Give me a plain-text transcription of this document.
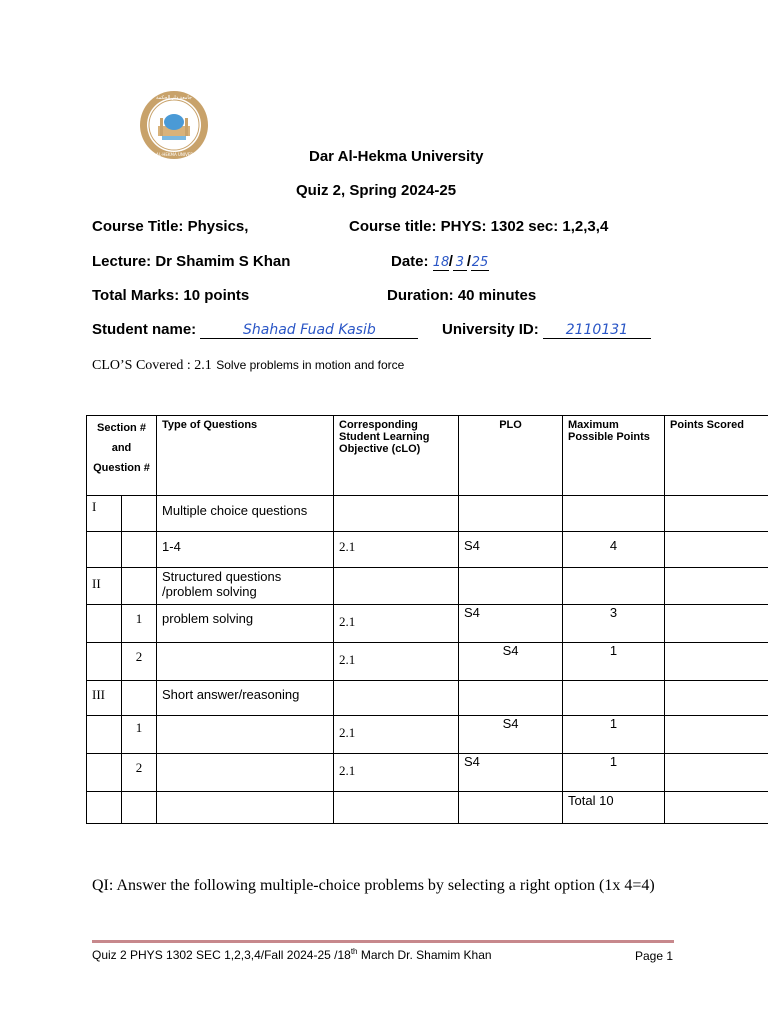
DAR AL-HEKMA UNIVERSITY
جامعة دار الحكمة
Dar Al-Hekma University
Quiz 2, Spring 2024-25
Course Title: Physics,	Course title: PHYS: 1302 sec: 1,2,3,4
Lecture: Dr Shamim S Khan	Date: 18/ 3 /25
Total Marks: 10 points	Duration: 40 minutes
Student name:	Shahad Fuad Kasib	University ID: 2110131
CLO’S Covered : 2.1 Solve problems in motion and force
Section # and Question #		Type of Questions	Corresponding Student Learning Objective (cLO)	PLO	Maximum Possible Points	Points Scored
I		Multiple choice questions				
		1-4	2.1	S4	4	
II		Structured questions /problem solving				
	1	problem solving	2.1	S4	3	
	2		2.1	S4	1	
III		Short answer/reasoning				
	1		2.1	S4	1	
	2		2.1	S4	1	
					Total 10	
QI: Answer the following multiple-choice problems by selecting a right option (1x 4=4)
Quiz 2 PHYS 1302 SEC 1,2,3,4/Fall 2024-25 /18th March Dr. Shamim Khan	Page 1
